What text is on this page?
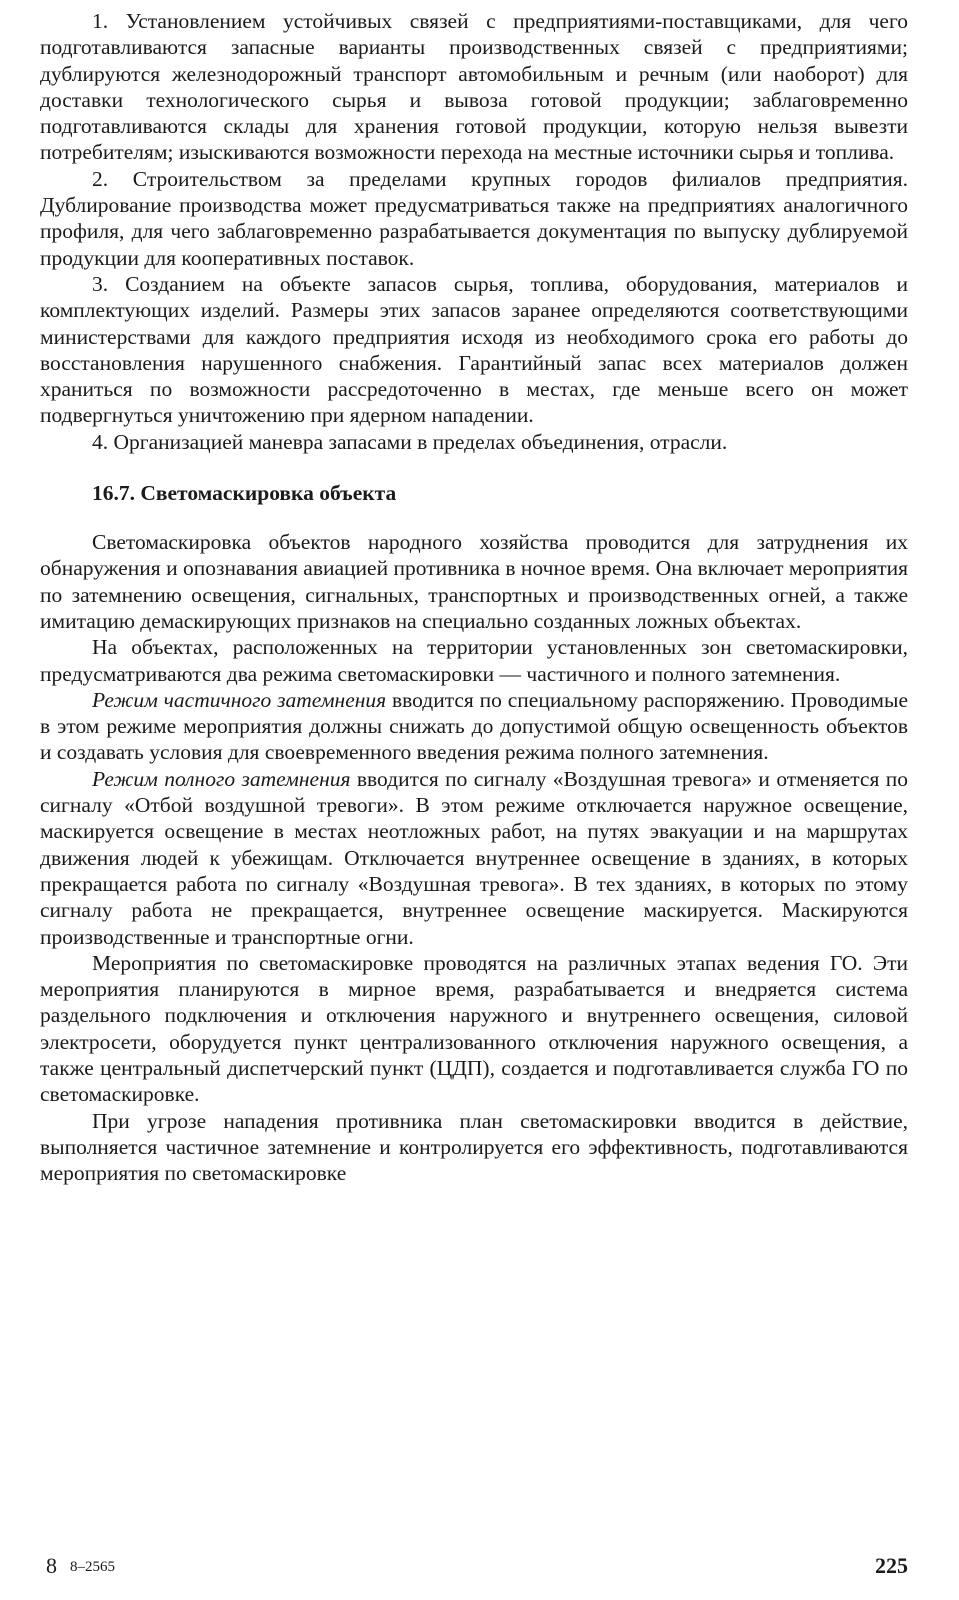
1. Установлением устойчивых связей с предприятиями-поставщиками, для чего подготавливаются запасные варианты производственных связей с предприятиями; дублируются железнодорожный транспорт автомобильным и речным (или наоборот) для доставки технологического сырья и вывоза готовой продукции; заблаговременно подготавливаются склады для хранения готовой продукции, которую нельзя вывезти потребителям; изыскиваются возможности перехода на местные источники сырья и топлива.

2. Строительством за пределами крупных городов филиалов предприятия. Дублирование производства может предусматриваться также на предприятиях аналогичного профиля, для чего заблаговременно разрабатывается документация по выпуску дублируемой продукции для кооперативных поставок.

3. Созданием на объекте запасов сырья, топлива, оборудования, материалов и комплектующих изделий. Размеры этих запасов заранее определяются соответствующими министерствами для каждого предприятия исходя из необходимого срока его работы до восстановления нарушенного снабжения. Гарантийный запас всех материалов должен храниться по возможности рассредоточенно в местах, где меньше всего он может подвергнуться уничтожению при ядерном нападении.

4. Организацией маневра запасами в пределах объединения, отрасли.

16.7. Светомаскировка объекта

Светомаскировка объектов народного хозяйства проводится для затруднения их обнаружения и опознавания авиацией противника в ночное время. Она включает мероприятия по затемнению освещения, сигнальных, транспортных и производственных огней, а также имитацию демаскирующих признаков на специально созданных ложных объектах.

На объектах, расположенных на территории установленных зон светомаскировки, предусматриваются два режима светомаскировки — частичного и полного затемнения.

Режим частичного затемнения вводится по специальному распоряжению. Проводимые в этом режиме мероприятия должны снижать до допустимой общую освещенность объектов и создавать условия для своевременного введения режима полного затемнения.

Режим полного затемнения вводится по сигналу «Воздушная тревога» и отменяется по сигналу «Отбой воздушной тревоги». В этом режиме отключается наружное освещение, маскируется освещение в местах неотложных работ, на путях эвакуации и на маршрутах движения людей к убежищам. Отключается внутреннее освещение в зданиях, в которых прекращается работа по сигналу «Воздушная тревога». В тех зданиях, в которых по этому сигналу работа не прекращается, внутреннее освещение маскируется. Маскируются производственные и транспортные огни.

Мероприятия по светомаскировке проводятся на различных этапах ведения ГО. Эти мероприятия планируются в мирное время, разрабатывается и внедряется система раздельного подключения и отключения наружного и внутреннего освещения, силовой электросети, оборудуется пункт централизованного отключения наружного освещения, а также центральный диспетчерский пункт (ЦДП), создается и подготавливается служба ГО по светомаскировке.

При угрозе нападения противника план светомаскировки вводится в действие, выполняется частичное затемнение и контролируется его эффективность, подготавливаются мероприятия по светомаскировке

8 8–2565	225
